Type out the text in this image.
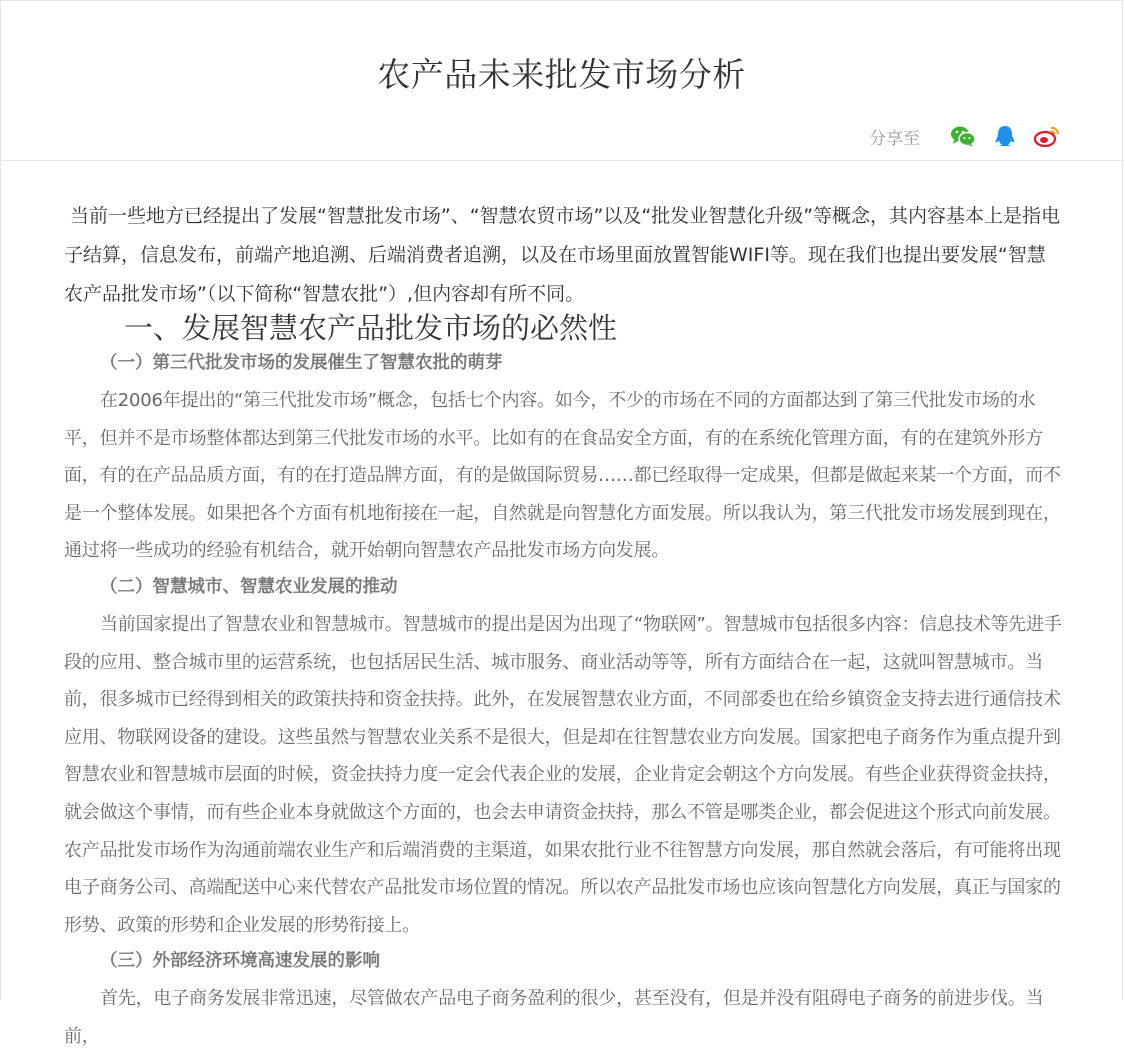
农产品未来批发市场分析
分享至

当前一些地方已经提出了发展“智慧批发市场”、“智慧农贸市场”以及“批发业智慧化升级”等概念，其内容基本上是指电子结算，信息发布，前端产地追溯、后端消费者追溯，以及在市场里面放置智能WIFI等。现在我们也提出要发展“智慧农产品批发市场”（以下简称“智慧农批”）,但内容却有所不同。

一、发展智慧农产品批发市场的必然性

（一）第三代批发市场的发展催生了智慧农批的萌芽

在2006年提出的“第三代批发市场”概念，包括七个内容。如今，不少的市场在不同的方面都达到了第三代批发市场的水平，但并不是市场整体都达到第三代批发市场的水平。比如有的在食品安全方面，有的在系统化管理方面，有的在建筑外形方面，有的在产品品质方面，有的在打造品牌方面，有的是做国际贸易……都已经取得一定成果，但都是做起来某一个方面，而不是一个整体发展。如果把各个方面有机地衔接在一起，自然就是向智慧化方面发展。所以我认为，第三代批发市场发展到现在，通过将一些成功的经验有机结合，就开始朝向智慧农产品批发市场方向发展。

（二）智慧城市、智慧农业发展的推动

当前国家提出了智慧农业和智慧城市。智慧城市的提出是因为出现了“物联网”。智慧城市包括很多内容：信息技术等先进手段的应用、整合城市里的运营系统，也包括居民生活、城市服务、商业活动等等，所有方面结合在一起，这就叫智慧城市。当前，很多城市已经得到相关的政策扶持和资金扶持。此外，在发展智慧农业方面，不同部委也在给乡镇资金支持去进行通信技术应用、物联网设备的建设。这些虽然与智慧农业关系不是很大，但是却在往智慧农业方向发展。国家把电子商务作为重点提升到智慧农业和智慧城市层面的时候，资金扶持力度一定会代表企业的发展，企业肯定会朝这个方向发展。有些企业获得资金扶持，就会做这个事情，而有些企业本身就做这个方面的，也会去申请资金扶持，那么不管是哪类企业，都会促进这个形式向前发展。农产品批发市场作为沟通前端农业生产和后端消费的主渠道，如果农批行业不往智慧方向发展，那自然就会落后，有可能将出现电子商务公司、高端配送中心来代替农产品批发市场位置的情况。所以农产品批发市场也应该向智慧化方向发展，真正与国家的形势、政策的形势和企业发展的形势衔接上。

（三）外部经济环境高速发展的影响

首先，电子商务发展非常迅速，尽管做农产品电子商务盈利的很少，甚至没有，但是并没有阻碍电子商务的前进步伐。当前，
